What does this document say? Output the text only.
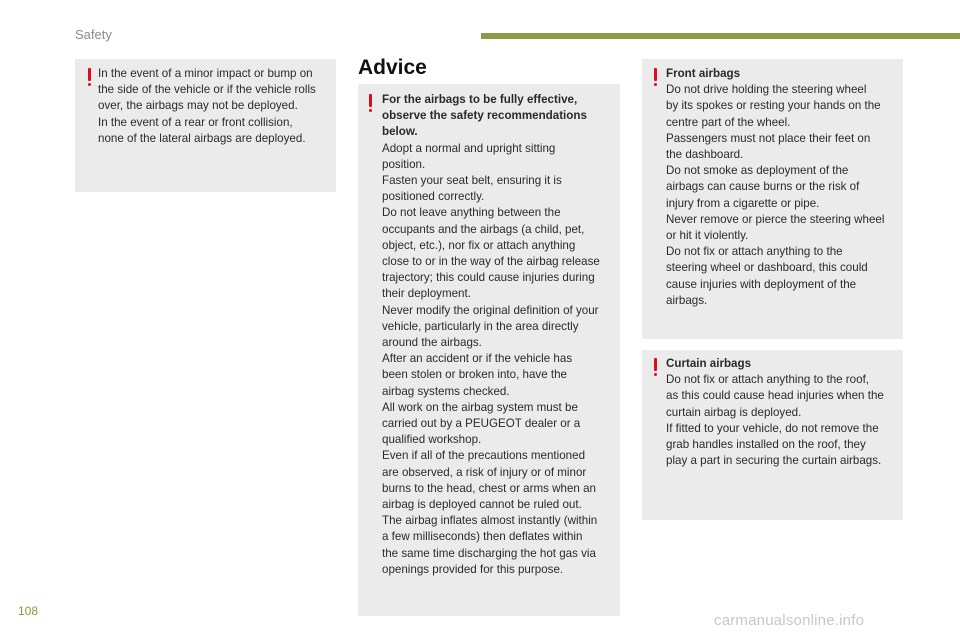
Safety
In the event of a minor impact or bump on
the side of the vehicle or if the vehicle rolls
over, the airbags may not be deployed.
In the event of a rear or front collision,
none of the lateral airbags are deployed.
Advice
For the airbags to be fully effective,
observe the safety recommendations
below.
Adopt a normal and upright sitting
position.
Fasten your seat belt, ensuring it is
positioned correctly.
Do not leave anything between the
occupants and the airbags (a child, pet,
object, etc.), nor fix or attach anything
close to or in the way of the airbag release
trajectory; this could cause injuries during
their deployment.
Never modify the original definition of your
vehicle, particularly in the area directly
around the airbags.
After an accident or if the vehicle has
been stolen or broken into, have the
airbag systems checked.
All work on the airbag system must be
carried out by a PEUGEOT dealer or a
qualified workshop.
Even if all of the precautions mentioned
are observed, a risk of injury or of minor
burns to the head, chest or arms when an
airbag is deployed cannot be ruled out.
The airbag inflates almost instantly (within
a few milliseconds) then deflates within
the same time discharging the hot gas via
openings provided for this purpose.
Front airbags
Do not drive holding the steering wheel
by its spokes or resting your hands on the
centre part of the wheel.
Passengers must not place their feet on
the dashboard.
Do not smoke as deployment of the
airbags can cause burns or the risk of
injury from a cigarette or pipe.
Never remove or pierce the steering wheel
or hit it violently.
Do not fix or attach anything to the
steering wheel or dashboard, this could
cause injuries with deployment of the
airbags.
Curtain airbags
Do not fix or attach anything to the roof,
as this could cause head injuries when the
curtain airbag is deployed.
If fitted to your vehicle, do not remove the
grab handles installed on the roof, they
play a part in securing the curtain airbags.
108
carmanualsonline.info
